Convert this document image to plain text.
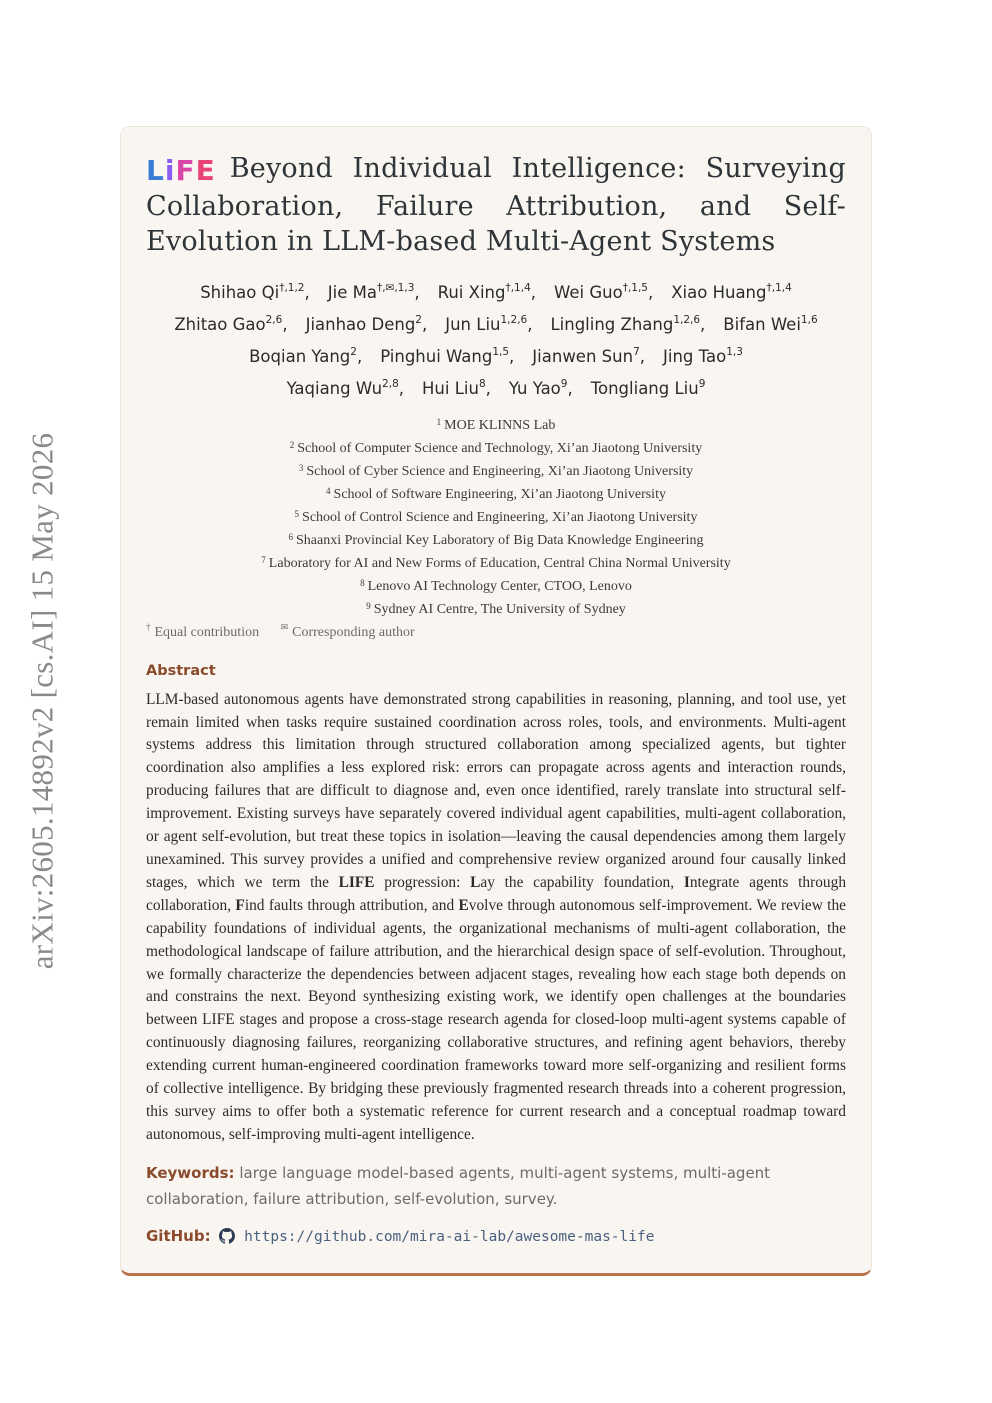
arXiv:2605.14892v2 [cs.AI] 15 May 2026
LiFE Beyond Individual Intelligence: Surveying Collaboration, Failure Attribution, and Self-Evolution in LLM-based Multi-Agent Systems
Shihao $Qi^{\dagger,1,2}$, Jie $Ma^{\dagger,✉,1,3}$, Rui Xing$^{\dagger,1,4}$, Wei Guo$^{\dagger,1,5}$, Xiao Huang$^{\dagger,1,4}$
Zhitao Gao$^{2,6}$, Jianhao Deng$^2$, Jun Liu$^{1,2,6}$, Lingling Zhang$^{1,2,6}$, Bifan Wei$^{1,6}$
Boqian Yang$^2$, Pinghui Wang$^{1,5}$, Jianwen Sun$^7$, Jing Tao$^{1,3}$
Yaqiang Wu$^{2,8}$, Hui Liu$^8$, Yu Yao$^9$, Tongliang Liu$^9$
$^1$ MOE KLINNS Lab
$^2$ School of Computer Science and Technology, Xi’an Jiaotong University
$^3$ School of Cyber Science and Engineering, Xi’an Jiaotong University
$^4$ School of Software Engineering, Xi’an Jiaotong University
$^5$ School of Control Science and Engineering, Xi’an Jiaotong University
$^6$ Shaanxi Provincial Key Laboratory of Big Data Knowledge Engineering
$^7$ Laboratory for AI and New Forms of Education, Central China Normal University
$^8$ Lenovo AI Technology Center, CTOO, Lenovo
$^9$ Sydney AI Centre, The University of Sydney
† Equal contribution ✉ Corresponding author
Abstract
LLM-based autonomous agents have demonstrated strong capabilities in reasoning, planning, and tool use, yet remain limited when tasks require sustained coordination across roles, tools, and environments. Multi-agent systems address this limitation through structured collaboration among specialized agents, but tighter coordination also amplifies a less explored risk: errors can propagate across agents and interaction rounds, producing failures that are difficult to diagnose and, even once identified, rarely translate into structural self-improvement. Existing surveys have separately covered individual agent capabilities, multi-agent collaboration, or agent self-evolution, but treat these topics in isolation—leaving the causal dependencies among them largely unexamined. This survey provides a unified and comprehensive review organized around four causally linked stages, which we term the LIFE progression: Lay the capability foundation, Integrate agents through collaboration, Find faults through attribution, and Evolve through autonomous self-improvement. We review the capability foundations of individual agents, the organizational mechanisms of multi-agent collaboration, the methodological landscape of failure attribution, and the hierarchical design space of self-evolution. Throughout, we formally characterize the dependencies between adjacent stages, revealing how each stage both depends on and constrains the next. Beyond synthesizing existing work, we identify open challenges at the boundaries between LIFE stages and propose a cross-stage research agenda for closed-loop multi-agent systems capable of continuously diagnosing failures, reorganizing collaborative structures, and refining agent behaviors, thereby extending current human-engineered coordination frameworks toward more self-organizing and resilient forms of collective intelligence. By bridging these previously fragmented research threads into a coherent progression, this survey aims to offer both a systematic reference for current research and a conceptual roadmap toward autonomous, self-improving multi-agent intelligence.
Keywords: large language model-based agents, multi-agent systems, multi-agent collaboration, failure attribution, self-evolution, survey.
GitHub: https://github.com/mira-ai-lab/awesome-mas-life
